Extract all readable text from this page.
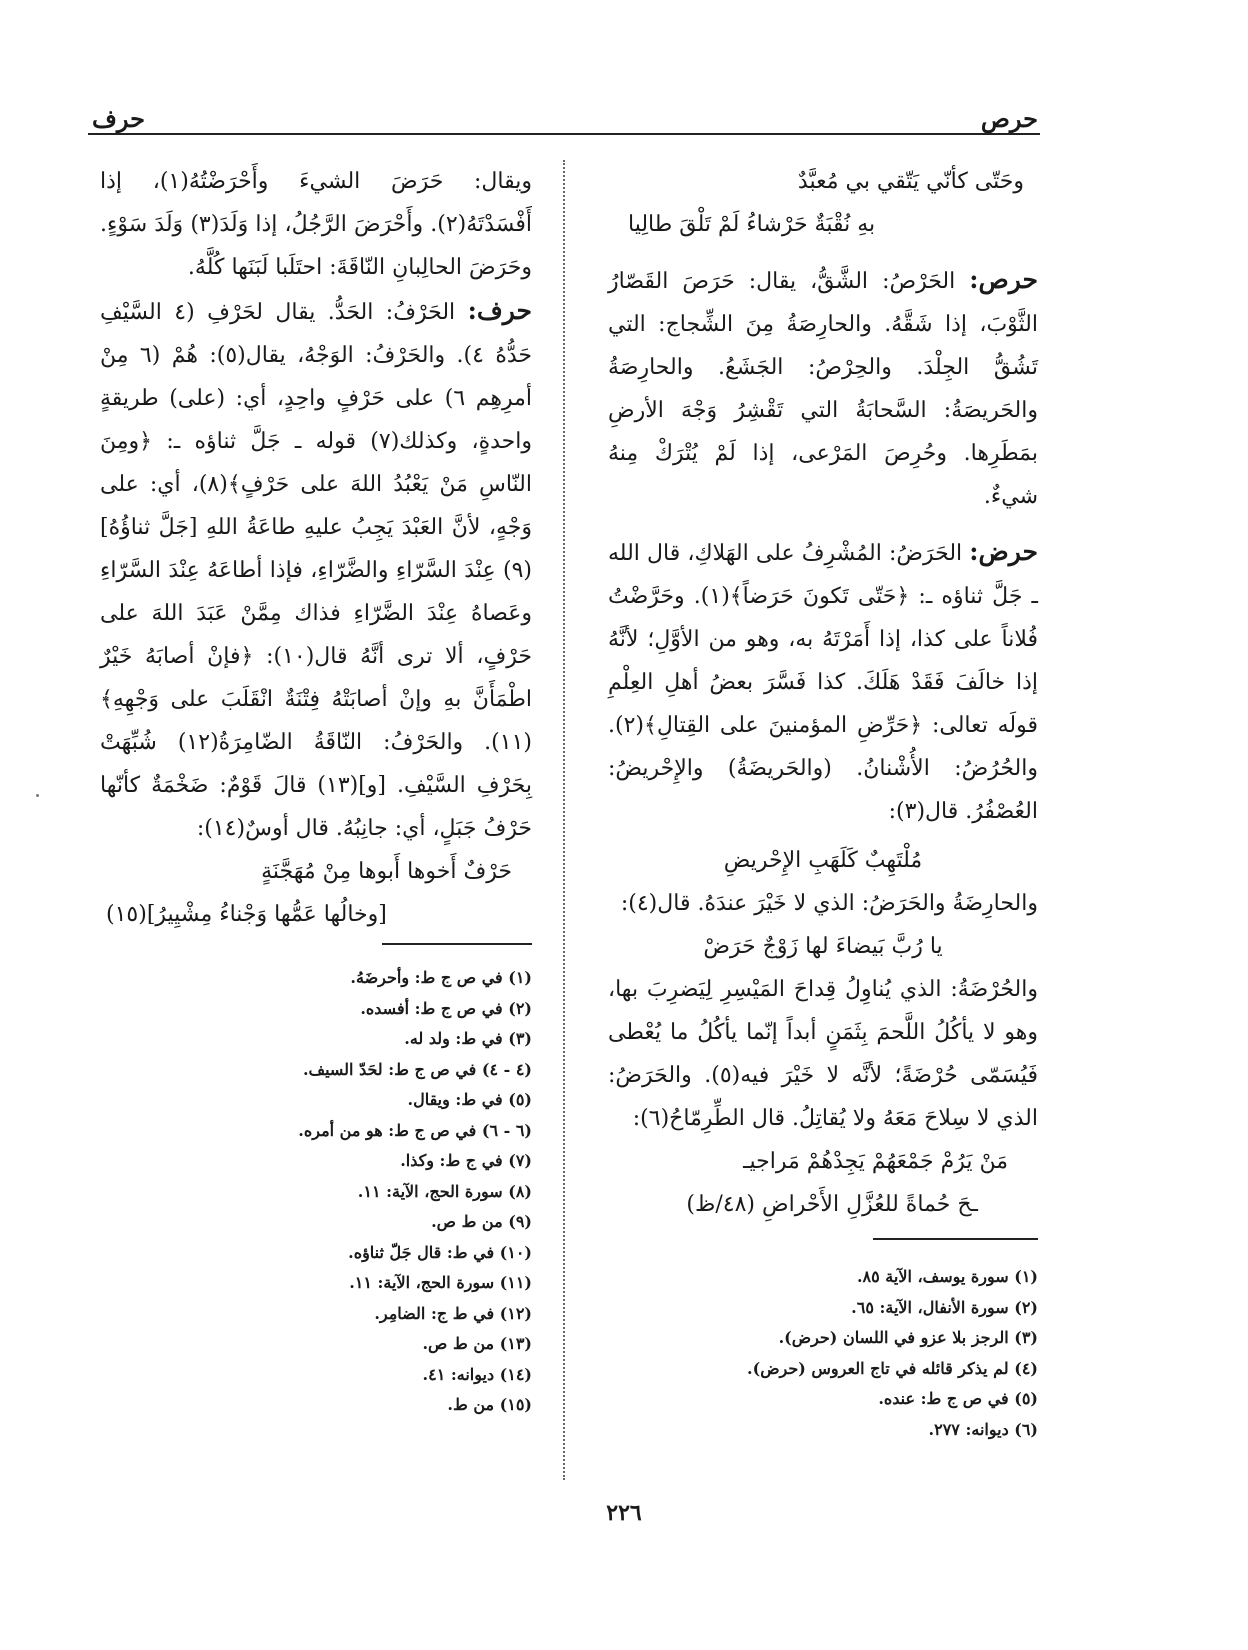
حرص
حرف

وحَتّى كأنّي يَتّقي بي مُعبَّدٌ

بهِ نُقْبَةٌ حَرْشاءُ لَمْ تَلْقَ طالِيا

حرص: الحَرْصُ: الشَّقُّ، يقال: حَرَصَ القَصّارُ الثَّوْبَ، إذا شَقَّهُ. والحارِصَةُ مِنَ الشِّجاج: التي تَشُقُّ الجِلْدَ. والحِرْصُ: الجَشَعُ. والحارِصَةُ والحَريصَةُ: السَّحابَةُ التي تَقْشِرُ وَجْهَ الأرضِ بمَطَرِها. وحُرِصَ المَرْعى، إذا لَمْ يُتْرَكْ مِنهُ شيءٌ.

حرض: الحَرَضُ: المُشْرِفُ على الهَلاكِ، قال الله ـ جَلَّ ثناؤه ـ: ﴿حَتّى تَكونَ حَرَضاً﴾(١). وحَرَّضْتُ فُلاناً على كذا، إذا أَمَرْتَهُ به، وهو من الأوَّلِ؛ لأنَّهُ إذا خالَفَ فَقَدْ هَلَكَ. كذا فَسَّرَ بعضُ أهلِ العِلْمِ قولَه تعالى: ﴿حَرِّضِ المؤمنينَ على القِتالِ﴾(٢). والحُرُضُ: الأُشْنانُ. (والحَريضَةُ) والإِحْريضُ: العُصْفُرُ. قال(٣):

مُلْتَهِبٌ كَلَهَبِ الإِحْريضِ

والحارِضَةُ والحَرَضُ: الذي لا خَيْرَ عندَهُ. قال(٤):

يا رُبَّ بَيضاءَ لها زَوْجٌ حَرَضْ

والحُرْضَةُ: الذي يُناوِلُ قِداحَ المَيْسِرِ لِيَضرِبَ بها، وهو لا يأكُلُ اللَّحمَ بِثَمَنٍ أبداً إنّما يأكُلُ ما يُعْطى فَيُسَمّى حُرْضَةً؛ لأنَّه لا خَيْرَ فيه(٥). والحَرَضُ: الذي لا سِلاحَ مَعَهُ ولا يُقاتِلُ. قال الطِّرِمّاحُ(٦):

مَنْ يَرُمْ جَمْعَهُمْ يَجِدْهُمْ مَراجيـ

ـحَ حُماةً للعُزَّلِ الأَحْراضِ (٤٨/ظ)

ويقال: حَرَضَ الشيءَ وأَحْرَضْتُهُ(١)، إذا أَفْسَدْتَهُ(٢). وأَحْرَضَ الرَّجُلُ، إذا وَلَدَ(٣) وَلَدَ سَوْءٍ. وحَرَضَ الحالِبانِ النّاقَةَ: احتَلَبا لَبَنَها كُلَّهُ.

حرف: الحَرْفُ: الحَدُّ. يقال لحَرْفِ (٤ السَّيْفِ حَدُّهُ ٤). والحَرْفُ: الوَجْهُ، يقال(٥): هُمْ (٦ مِنْ أمرِهِم ٦) على حَرْفٍ واحِدٍ، أي: (على) طريقةٍ واحدةٍ، وكذلك(٧) قوله ـ جَلَّ ثناؤه ـ: ﴿ومِنَ النّاسِ مَنْ يَعْبُدُ اللهَ على حَرْفٍ﴾(٨)، أي: على وَجْهٍ، لأنَّ العَبْدَ يَجِبُ عليهِ طاعَةُ اللهِ [جَلَّ ثناؤُهُ](٩) عِنْدَ السَّرّاءِ والضَّرّاءِ، فإذا أطاعَهُ عِنْدَ السَّرّاءِ وعَصاهُ عِنْدَ الضَّرّاءِ فذاك مِمَّنْ عَبَدَ اللهَ على حَرْفٍ، ألا ترى أنَّهُ قال(١٠): ﴿فإنْ أصابَهُ خَيْرٌ اطْمَأَنَّ بهِ وإنْ أصابَتْهُ فِتْنَةٌ انْقَلَبَ على وَجْهِهِ﴾(١١). والحَرْفُ: النّاقَةُ الضّامِرَةُ(١٢) شُبِّهَتْ بِحَرْفِ السَّيْفِ. [و](١٣) قالَ قَوْمٌ: ضَخْمَةٌ كأنّها حَرْفُ جَبَلٍ، أي: جانِبُهُ. قال أوسٌ(١٤):

حَرْفٌ أَخوها أَبوها مِنْ مُهَجَّنَةٍ

[وخالُها عَمُّها وَجْناءُ مِشْيِيرُ](١٥)

(١) في ص ج ط: وأحرضَهُ.
(٢) في ص ج ط: أفسده.
(٣) في ط: ولد له.
(٤ - ٤) في ص ج ط: لحَدّ السيف.
(٥) في ط: ويقال.
(٦ - ٦) في ص ج ط: هو من أمره.
(٧) في ج ط: وكذا.
(٨) سورة الحج، الآية: ١١.
(٩) من ط ص.
(١٠) في ط: قال جَلّ ثناؤه.
(١١) سورة الحج، الآية: ١١.
(١٢) في ط ج: الضامِر.
(١٣) من ط ص.
(١٤) ديوانه: ٤١.
(١٥) من ط.
(١) سورة يوسف، الآية ٨٥.
(٢) سورة الأنفال، الآية: ٦٥.
(٣) الرجز بلا عزو في اللسان (حرض).
(٤) لم يذكر قائله في تاج العروس (حرض).
(٥) في ص ج ط: عنده.
(٦) ديوانه: ٢٧٧.
٢٢٦
